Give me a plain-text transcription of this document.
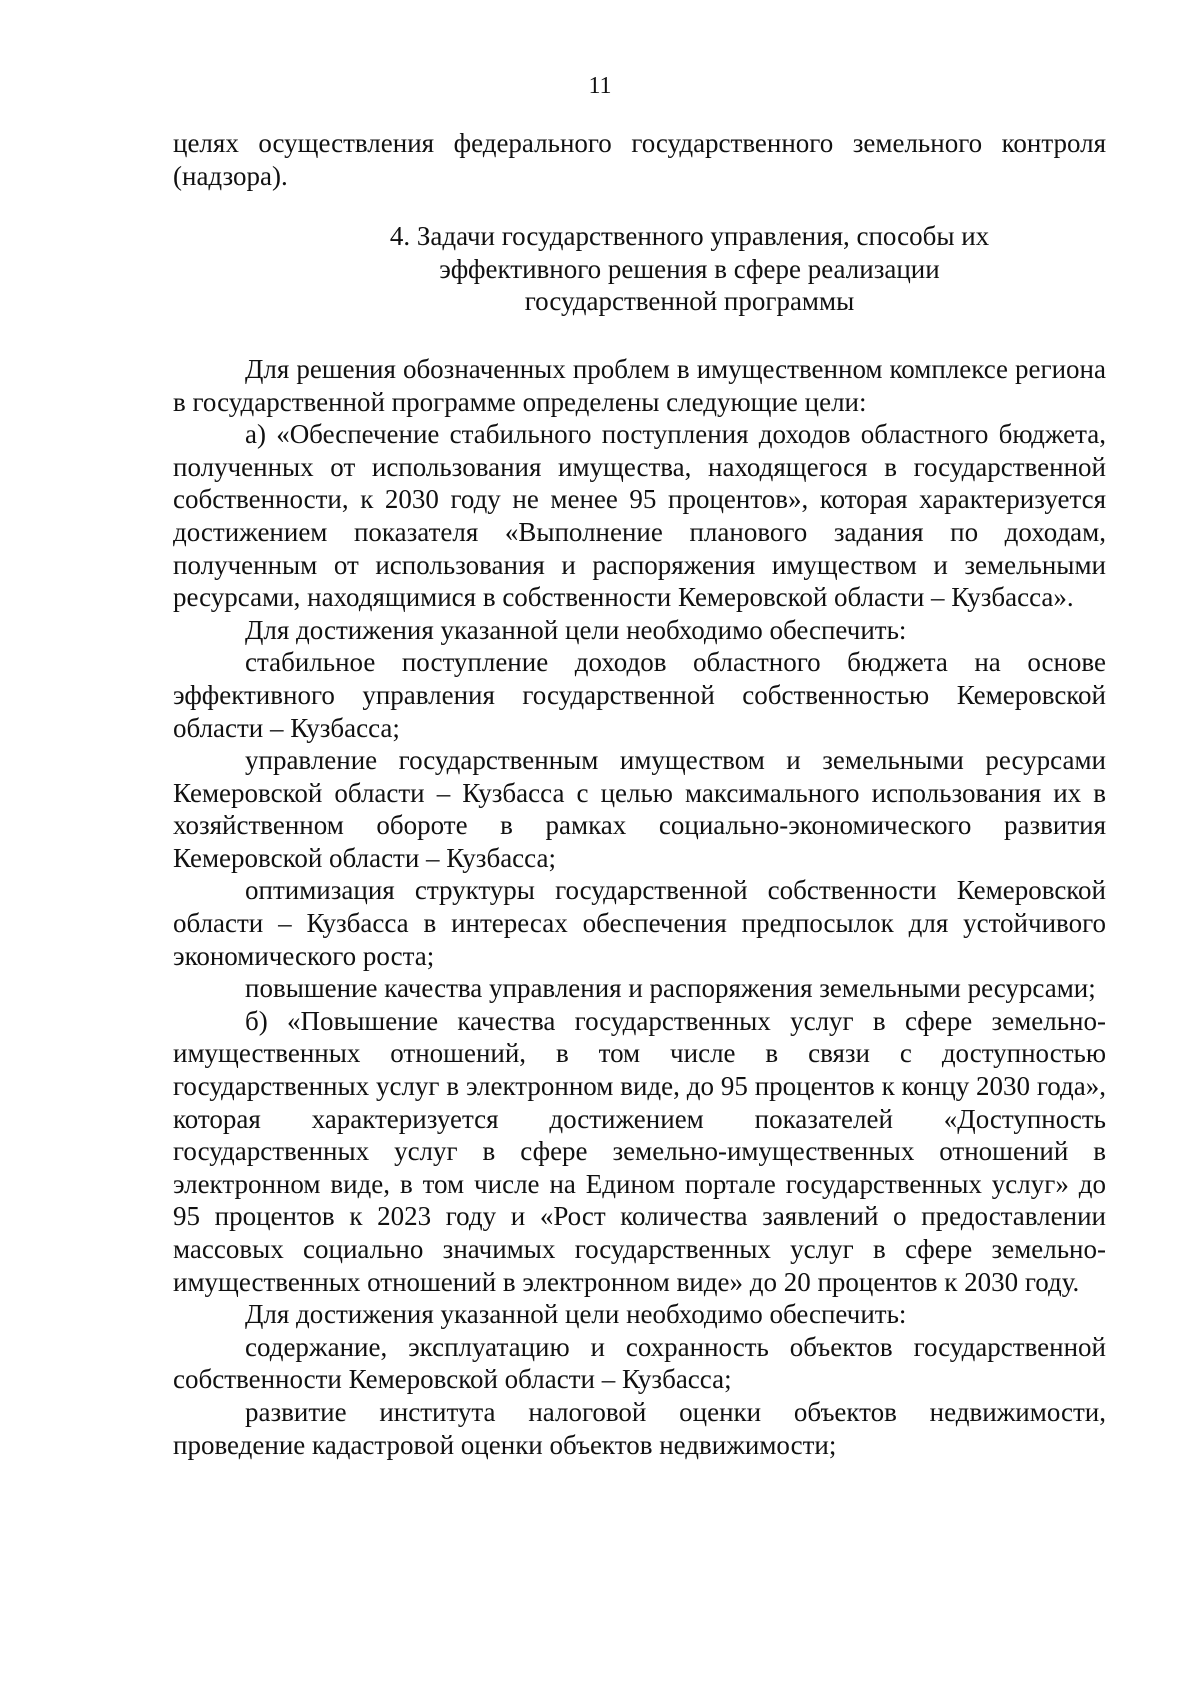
11

целях осуществления федерального государственного земельного контроля (надзора).

4. Задачи государственного управления, способы их
эффективного решения в сфере реализации
государственной программы

Для решения обозначенных проблем в имущественном комплексе региона в государственной программе определены следующие цели:

а) «Обеспечение стабильного поступления доходов областного бюджета, полученных от использования имущества, находящегося в государственной собственности, к 2030 году не менее 95 процентов», которая характеризуется достижением показателя «Выполнение планового задания по доходам, полученным от использования и распоряжения имуществом и земельными ресурсами, находящимися в собственности Кемеровской области – Кузбасса».

Для достижения указанной цели необходимо обеспечить:

стабильное поступление доходов областного бюджета на основе эффективного управления государственной собственностью Кемеровской области – Кузбасса;

управление государственным имуществом и земельными ресурсами Кемеровской области – Кузбасса с целью максимального использования их в хозяйственном обороте в рамках социально-экономического развития Кемеровской области – Кузбасса;

оптимизация структуры государственной собственности Кемеровской области – Кузбасса в интересах обеспечения предпосылок для устойчивого экономического роста;

повышение качества управления и распоряжения земельными ресурсами;

б) «Повышение качества государственных услуг в сфере земельно-имущественных отношений, в том числе в связи с доступностью государственных услуг в электронном виде, до 95 процентов к концу 2030 года», которая характеризуется достижением показателей «Доступность государственных услуг в сфере земельно-имущественных отношений в электронном виде, в том числе на Едином портале государственных услуг» до 95 процентов к 2023 году и «Рост количества заявлений о предоставлении массовых социально значимых государственных услуг в сфере земельно-имущественных отношений в электронном виде» до 20 процентов к 2030 году.

Для достижения указанной цели необходимо обеспечить:

содержание, эксплуатацию и сохранность объектов государственной собственности Кемеровской области – Кузбасса;

развитие института налоговой оценки объектов недвижимости, проведение кадастровой оценки объектов недвижимости;
